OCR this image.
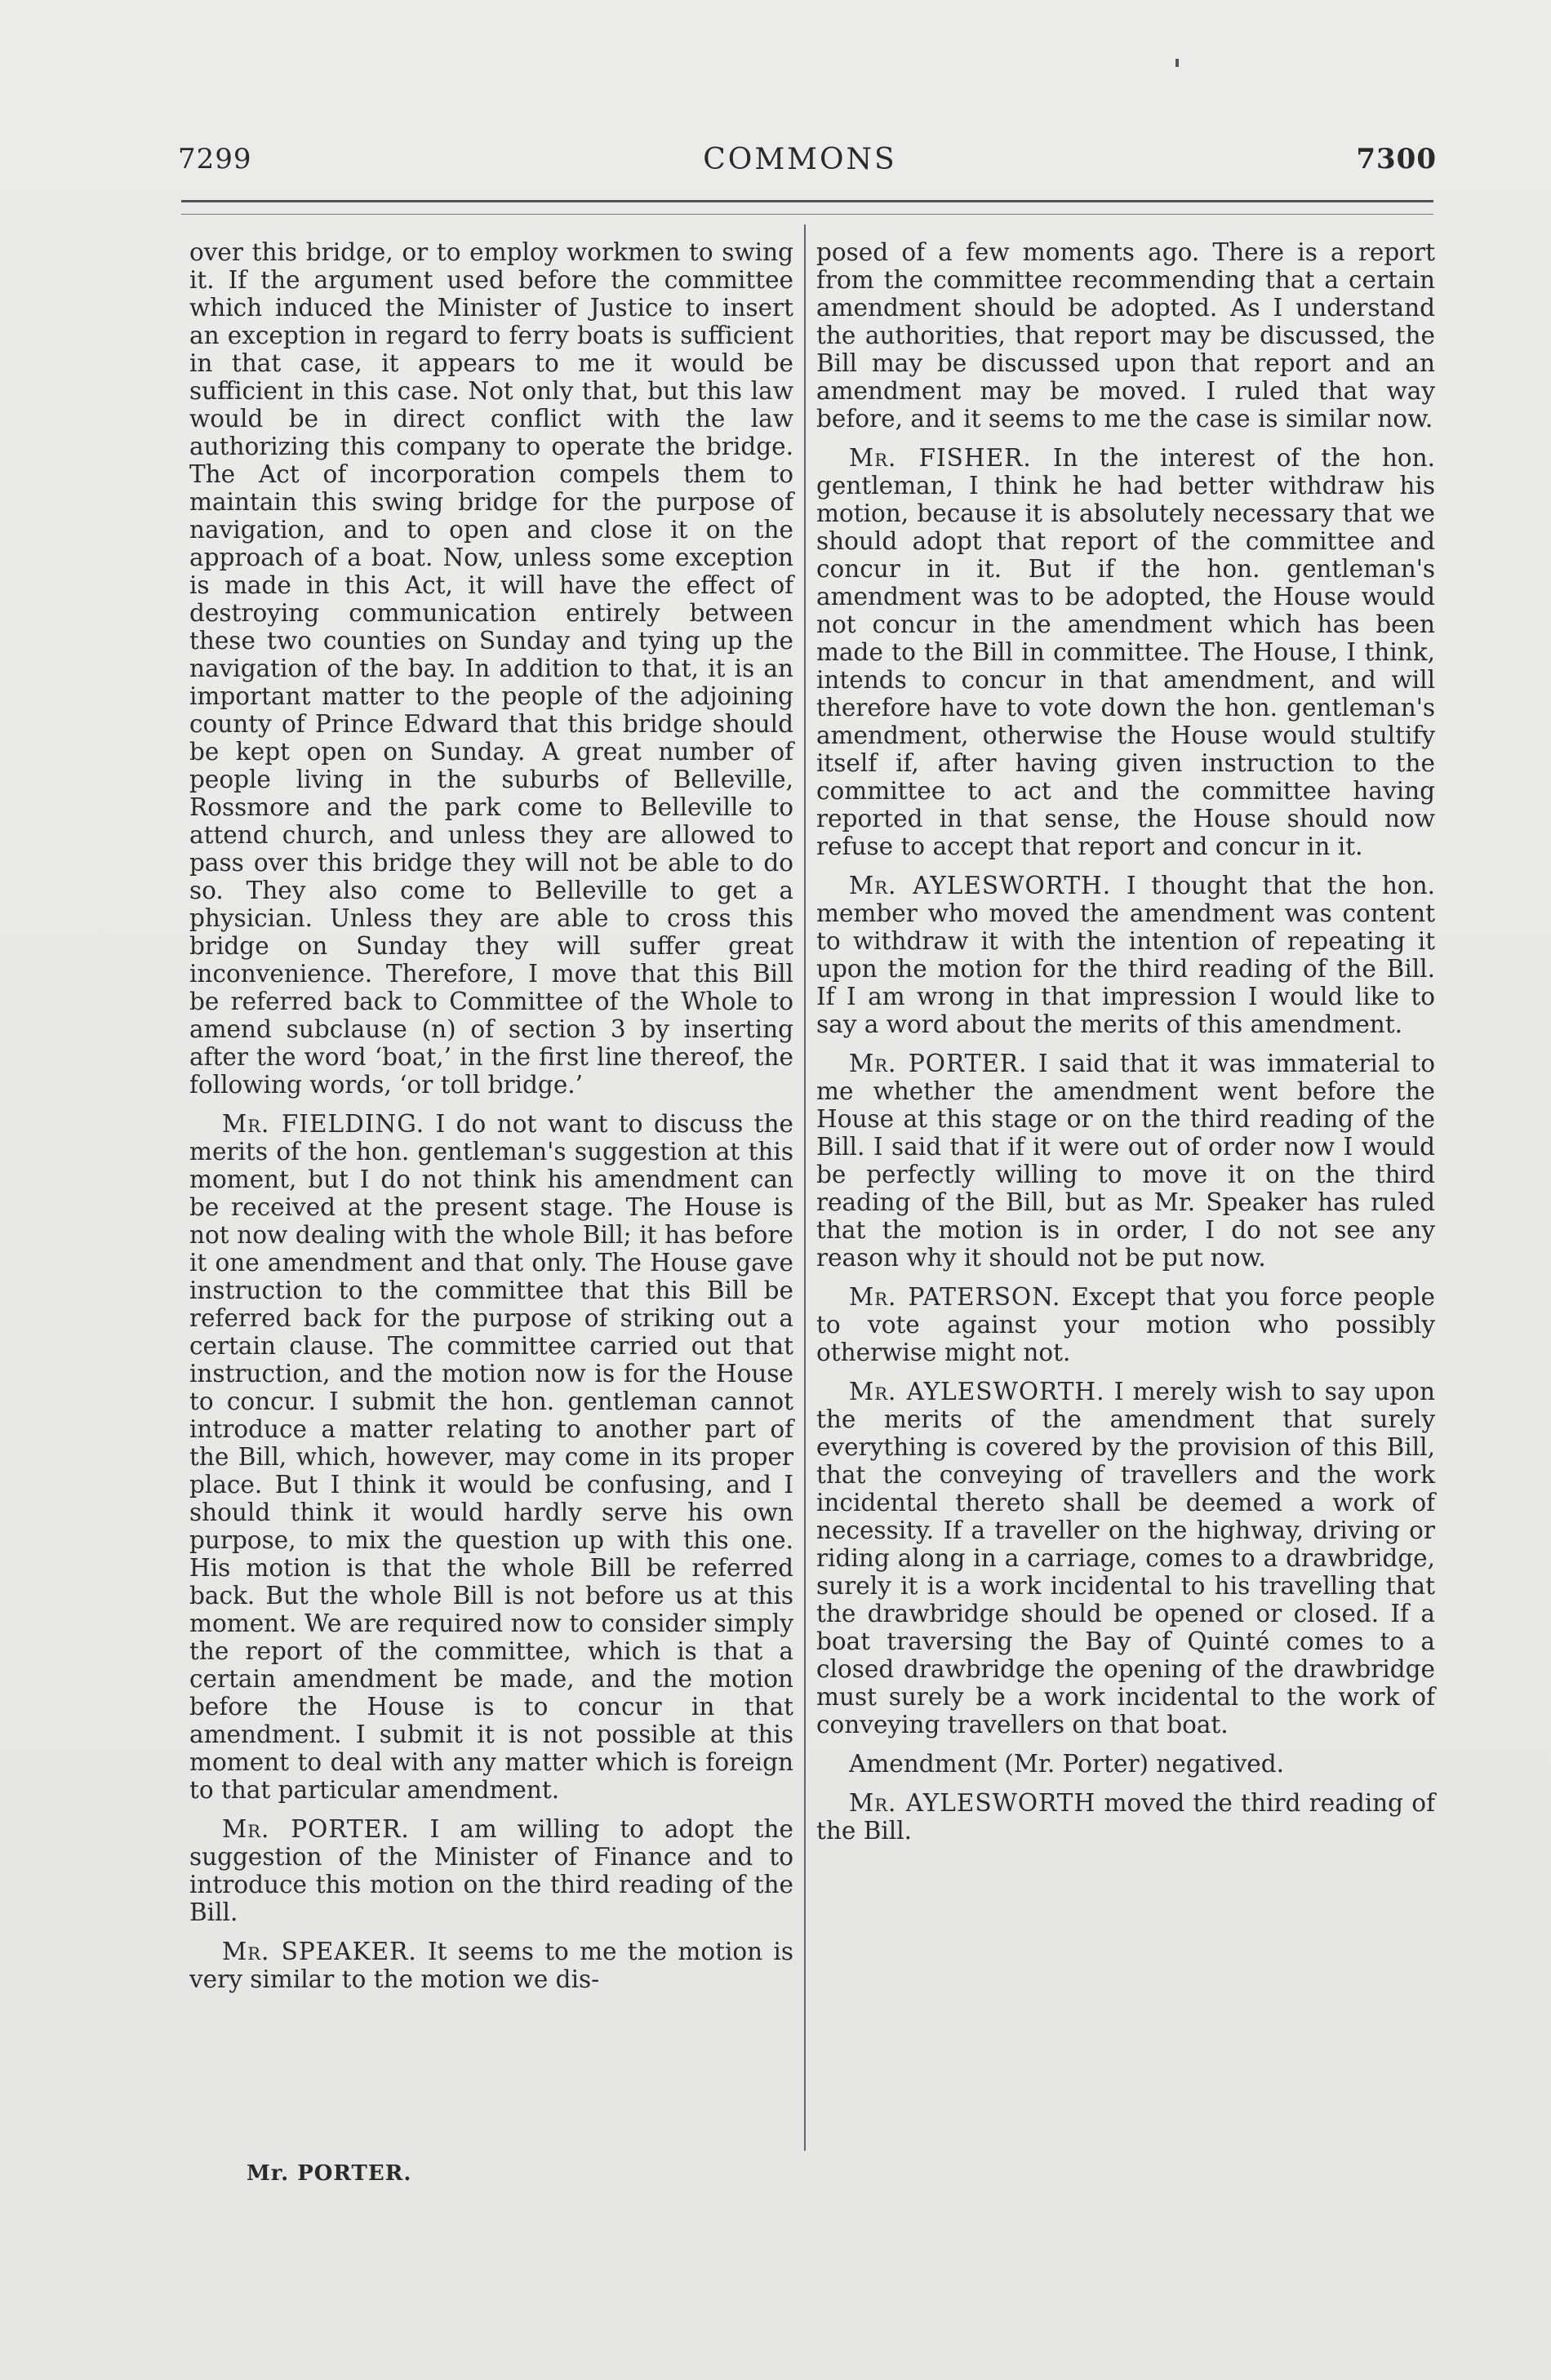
7299	COMMONS	7300

over this bridge, or to employ workmen to swing it. If the argument used before the committee which induced the Minister of Justice to insert an exception in regard to ferry boats is sufficient in that case, it appears to me it would be sufficient in this case. Not only that, but this law would be in direct conflict with the law authorizing this company to operate the bridge. The Act of incorporation compels them to maintain this swing bridge for the purpose of navigation, and to open and close it on the approach of a boat. Now, unless some exception is made in this Act, it will have the effect of destroying communication entirely between these two counties on Sunday and tying up the navigation of the bay. In addition to that, it is an important matter to the people of the adjoining county of Prince Edward that this bridge should be kept open on Sunday. A great number of people living in the suburbs of Belleville, Rossmore and the park come to Belleville to attend church, and unless they are allowed to pass over this bridge they will not be able to do so. They also come to Belleville to get a physician. Unless they are able to cross this bridge on Sunday they will suffer great inconvenience. Therefore, I move that this Bill be referred back to Committee of the Whole to amend subclause (n) of section 3 by inserting after the word ‘boat,’ in the first line thereof, the following words, ‘or toll bridge.’

Mr. FIELDING. I do not want to discuss the merits of the hon. gentleman's suggestion at this moment, but I do not think his amendment can be received at the present stage. The House is not now dealing with the whole Bill; it has before it one amendment and that only. The House gave instruction to the committee that this Bill be referred back for the purpose of striking out a certain clause. The committee carried out that instruction, and the motion now is for the House to concur. I submit the hon. gentleman cannot introduce a matter relating to another part of the Bill, which, however, may come in its proper place. But I think it would be confusing, and I should think it would hardly serve his own purpose, to mix the question up with this one. His motion is that the whole Bill be referred back. But the whole Bill is not before us at this moment. We are required now to consider simply the report of the committee, which is that a certain amendment be made, and the motion before the House is to concur in that amendment. I submit it is not possible at this moment to deal with any matter which is foreign to that particular amendment.

Mr. PORTER. I am willing to adopt the suggestion of the Minister of Finance and to introduce this motion on the third reading of the Bill.

Mr. SPEAKER. It seems to me the motion is very similar to the motion we dis-

posed of a few moments ago. There is a report from the committee recommending that a certain amendment should be adopted. As I understand the authorities, that report may be discussed, the Bill may be discussed upon that report and an amendment may be moved. I ruled that way before, and it seems to me the case is similar now.

Mr. FISHER. In the interest of the hon. gentleman, I think he had better withdraw his motion, because it is absolutely necessary that we should adopt that report of the committee and concur in it. But if the hon. gentleman's amendment was to be adopted, the House would not concur in the amendment which has been made to the Bill in committee. The House, I think, intends to concur in that amendment, and will therefore have to vote down the hon. gentleman's amendment, otherwise the House would stultify itself if, after having given instruction to the committee to act and the committee having reported in that sense, the House should now refuse to accept that report and concur in it.

Mr. AYLESWORTH. I thought that the hon. member who moved the amendment was content to withdraw it with the intention of repeating it upon the motion for the third reading of the Bill. If I am wrong in that impression I would like to say a word about the merits of this amendment.

Mr. PORTER. I said that it was immaterial to me whether the amendment went before the House at this stage or on the third reading of the Bill. I said that if it were out of order now I would be perfectly willing to move it on the third reading of the Bill, but as Mr. Speaker has ruled that the motion is in order, I do not see any reason why it should not be put now.

Mr. PATERSON. Except that you force people to vote against your motion who possibly otherwise might not.

Mr. AYLESWORTH. I merely wish to say upon the merits of the amendment that surely everything is covered by the provision of this Bill, that the conveying of travellers and the work incidental thereto shall be deemed a work of necessity. If a traveller on the highway, driving or riding along in a carriage, comes to a drawbridge, surely it is a work incidental to his travelling that the drawbridge should be opened or closed. If a boat traversing the Bay of Quinté comes to a closed drawbridge the opening of the drawbridge must surely be a work incidental to the work of conveying travellers on that boat.

Amendment (Mr. Porter) negatived.

Mr. AYLESWORTH moved the third reading of the Bill.

Mr. PORTER.
